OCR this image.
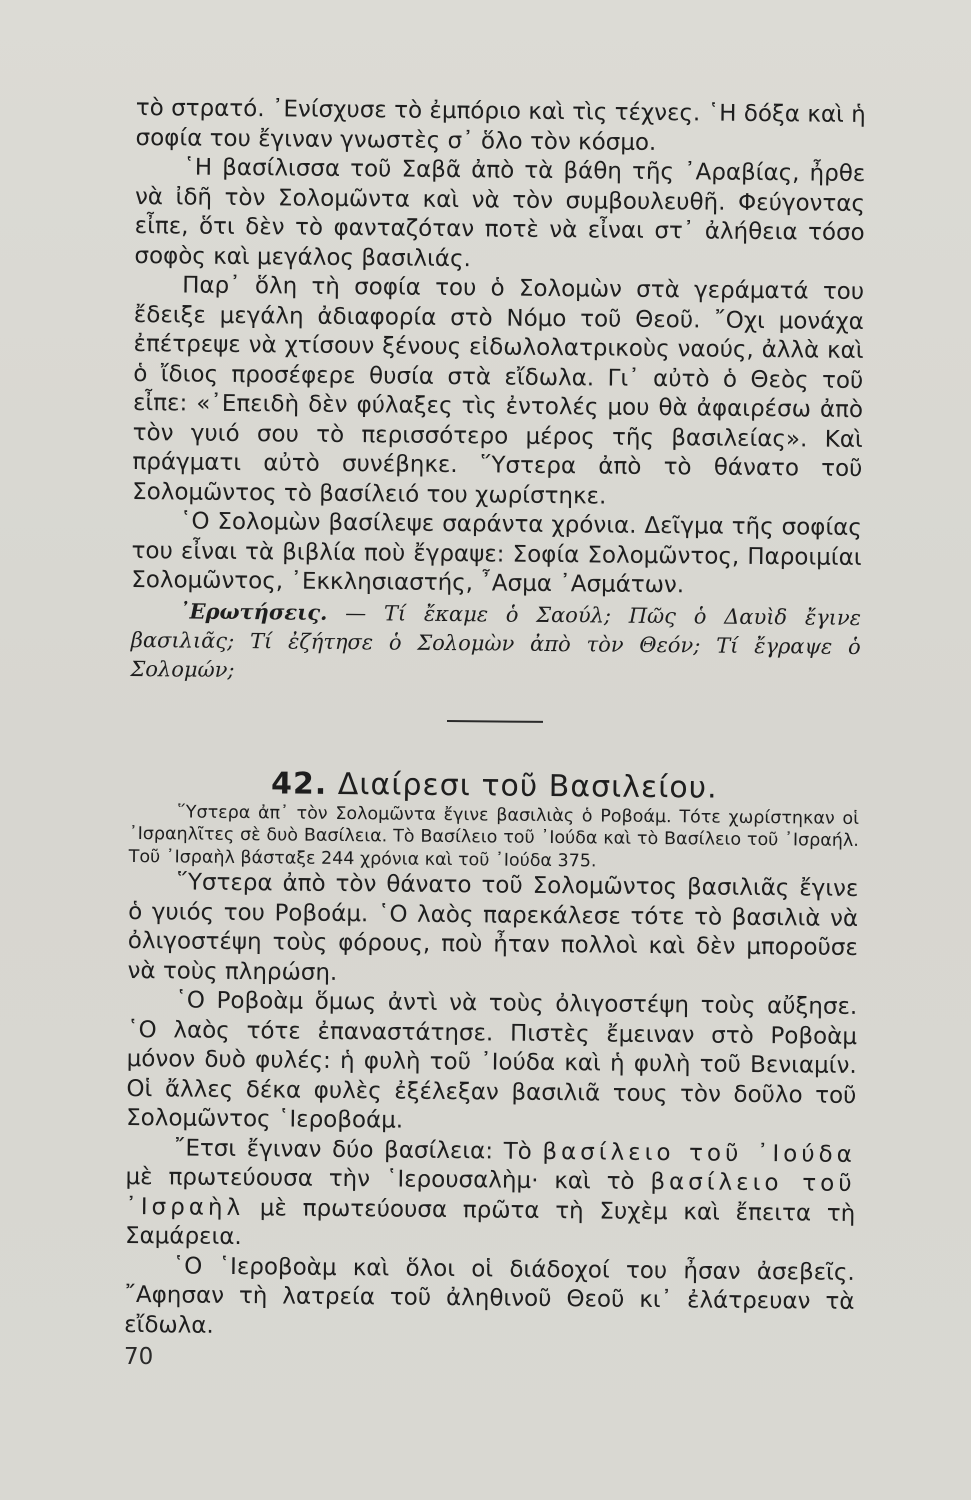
τὸ στρατό. ᾿Ενίσχυσε τὸ ἐμπόριο καὶ τὶς τέχνες. ῾Η δόξα καὶ ἡ σοφία του ἔγιναν γνωστὲς σ᾿ ὅλο τὸν κόσμο.

῾Η βασίλισσα τοῦ Σαβᾶ ἀπὸ τὰ βάθη τῆς ᾿Αραβίας, ἦρθε νὰ ἰδῆ τὸν Σολομῶντα καὶ νὰ τὸν συμβουλευθῆ. Φεύγοντας εἶπε, ὅτι δὲν τὸ φανταζόταν ποτὲ νὰ εἶναι στ᾿ ἀλήθεια τόσο σοφὸς καὶ μεγάλος βασιλιάς.

Παρ᾿ ὅλη τὴ σοφία του ὁ Σολομὼν στὰ γεράματά του ἔδειξε μεγάλη ἀδιαφορία στὸ Νόμο τοῦ Θεοῦ. ῎Οχι μονάχα ἐπέτρεψε νὰ χτίσουν ξένους εἰδωλολατρικοὺς ναούς, ἀλλὰ καὶ ὁ ἴδιος προσέφερε θυσία στὰ εἴδωλα. Γι᾿ αὐτὸ ὁ Θεὸς τοῦ εἶπε: «᾿Επειδὴ δὲν φύλαξες τὶς ἐντολές μου θὰ ἀφαιρέσω ἀπὸ τὸν γυιό σου τὸ περισσότερο μέρος τῆς βασιλείας». Καὶ πράγματι αὐτὸ συνέβηκε. ῞Υστερα ἀπὸ τὸ θάνατο τοῦ Σολομῶντος τὸ βασίλειό του χωρίστηκε.

῾Ο Σολομὼν βασίλεψε σαράντα χρόνια. Δεῖγμα τῆς σοφίας του εἶναι τὰ βιβλία ποὺ ἔγραψε: Σοφία Σολομῶντος, Παροιμίαι Σολομῶντος, ᾿Εκκλησιαστής, ῏Ασμα ᾿Ασμάτων.

᾿Ερωτήσεις. — Τί ἔκαμε ὁ Σαούλ; Πῶς ὁ Δαυὶδ ἔγινε βασιλιᾶς; Τί ἐζήτησε ὁ Σολομὼν ἀπὸ τὸν Θεόν; Τί ἔγραψε ὁ Σολομών;

42. Διαίρεσι τοῦ Βασιλείου.

῞Υστερα ἀπ᾿ τὸν Σολομῶντα ἔγινε βασιλιὰς ὁ Ροβοάμ. Τότε χωρίστηκαν οἱ ᾿Ισραηλῖτες σὲ δυὸ Βασίλεια. Τὸ Βασίλειο τοῦ ᾿Ιούδα καὶ τὸ Βασίλειο τοῦ ᾿Ισραήλ. Τοῦ ᾿Ισραὴλ βάσταξε 244 χρόνια καὶ τοῦ ᾿Ιούδα 375.

῞Υστερα ἀπὸ τὸν θάνατο τοῦ Σολομῶντος βασιλιᾶς ἔγινε ὁ γυιός του Ροβοάμ. ῾Ο λαὸς παρεκάλεσε τότε τὸ βασιλιὰ νὰ ὀλιγοστέψη τοὺς φόρους, ποὺ ἦταν πολλοὶ καὶ δὲν μποροῦσε νὰ τοὺς πληρώση.

῾Ο Ροβοὰμ ὅμως ἀντὶ νὰ τοὺς ὀλιγοστέψη τοὺς αὔξησε. ῾Ο λαὸς τότε ἐπαναστάτησε. Πιστὲς ἔμειναν στὸ Ροβοὰμ μόνον δυὸ φυλές: ἡ φυλὴ τοῦ ᾿Ιούδα καὶ ἡ φυλὴ τοῦ Βενιαμίν. Οἱ ἄλλες δέκα φυλὲς ἐξέλεξαν βασιλιᾶ τους τὸν δοῦλο τοῦ Σολομῶντος ῾Ιεροβοάμ.

῎Ετσι ἔγιναν δύο βασίλεια: Τὸ βασίλειο τοῦ ᾿Ιούδα μὲ πρωτεύουσα τὴν ῾Ιερουσαλὴμ· καὶ τὸ βασίλειο τοῦ ᾿Ισραὴλ μὲ πρωτεύουσα πρῶτα τὴ Συχὲμ καὶ ἔπειτα τὴ Σαμάρεια.

῾Ο ῾Ιεροβοὰμ καὶ ὅλοι οἱ διάδοχοί του ἦσαν ἀσεβεῖς. ῎Αφησαν τὴ λατρεία τοῦ ἀληθινοῦ Θεοῦ κι᾿ ἐλάτρευαν τὰ εἴδωλα.

70
